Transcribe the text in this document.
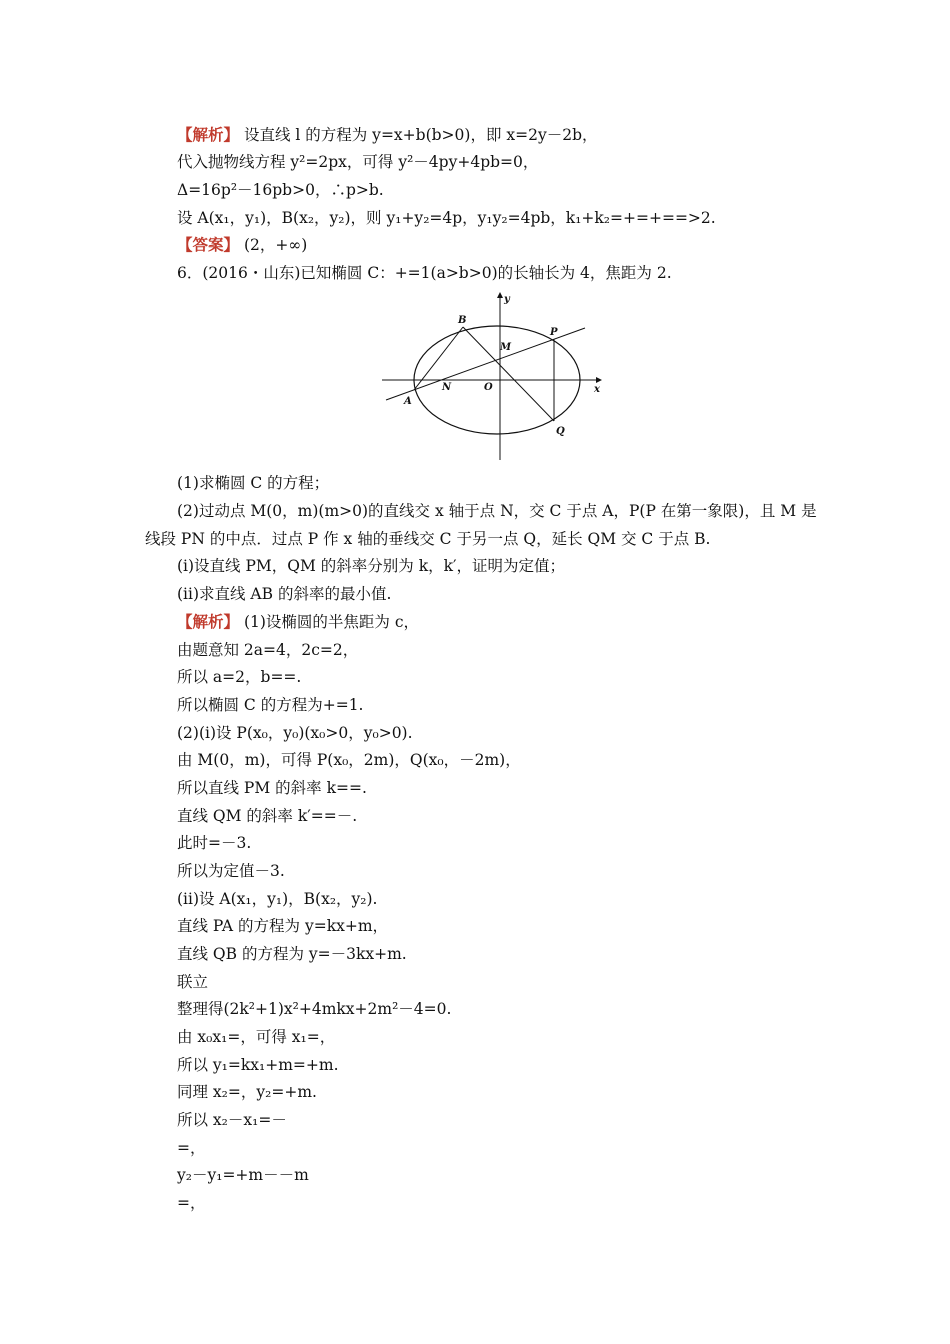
【解析】 设直线 l 的方程为 y=x+b(b>0)，即 x=2y－2b，
代入抛物线方程 y²=2px，可得 y²－4py+4pb=0，
Δ=16p²－16pb>0，∴p>b.
设 A(x₁，y₁)，B(x₂，y₂)，则 y₁+y₂=4p，y₁y₂=4pb，k₁+k₂=+=+==>2.
【答案】 (2，+∞)
6．(2016・山东)已知椭圆 C：+=1(a>b>0)的长轴长为 4，焦距为 2.
(1)求椭圆 C 的方程；
(2)过动点 M(0，m)(m>0)的直线交 x 轴于点 N，交 C 于点 A，P(P 在第一象限)，且 M 是
线段 PN 的中点．过点 P 作 x 轴的垂线交 C 于另一点 Q，延长 QM 交 C 于点 B.
(ⅰ)设直线 PM，QM 的斜率分别为 k，k′，证明为定值；
(ⅱ)求直线 AB 的斜率的最小值.
【解析】 (1)设椭圆的半焦距为 c，
由题意知 2a=4，2c=2，
所以 a=2，b==.
所以椭圆 C 的方程为+=1.
(2)(ⅰ)设 P(x₀，y₀)(x₀>0，y₀>0).
由 M(0，m)，可得 P(x₀，2m)，Q(x₀，－2m)，
所以直线 PM 的斜率 k==.
直线 QM 的斜率 k′==－.
此时=－3.
所以为定值－3.
(ⅱ)设 A(x₁，y₁)，B(x₂，y₂).
直线 PA 的方程为 y=kx+m，
直线 QB 的方程为 y=－3kx+m.
联立
整理得(2k²+1)x²+4mkx+2m²－4=0.
由 x₀x₁=，可得 x₁=，
所以 y₁=kx₁+m=+m.
同理 x₂=，y₂=+m.
所以 x₂－x₁=－
=，
y₂－y₁=+m－－m
=，
B
P
M
N	O
A
Q
x
y
